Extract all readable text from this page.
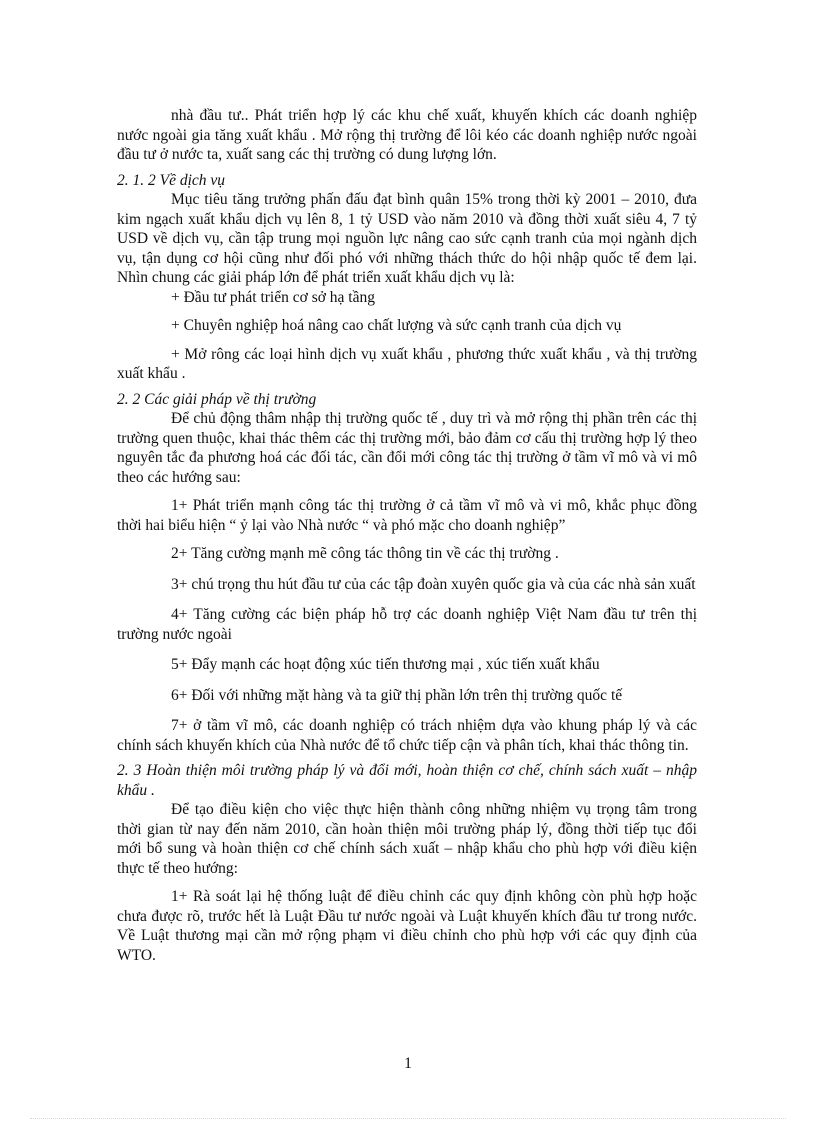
nhà đầu tư.. Phát triển hợp lý các khu chế xuất, khuyến khích các doanh nghiệp nước ngoài gia tăng xuất khẩu . Mở rộng thị trường để lôi kéo các doanh nghiệp nước ngoài đầu tư ở nước ta, xuất sang các thị trường có dung lượng lớn.

2. 1. 2 Về dịch vụ

Mục tiêu tăng trưởng phấn đấu đạt bình quân 15% trong thời kỳ 2001 – 2010, đưa kim ngạch xuất khẩu dịch vụ lên 8, 1 tỷ USD vào năm 2010 và đồng thời xuất siêu 4, 7 tỷ USD về dịch vụ, cần tập trung mọi nguồn lực nâng cao sức cạnh tranh của mọi ngành dịch vụ, tận dụng cơ hội cũng như đối phó với những thách thức do hội nhập quốc tế đem lại. Nhìn chung các giải pháp lớn để phát triển xuất khẩu dịch vụ là:

+ Đầu tư phát triển cơ sở hạ tầng

+ Chuyên nghiệp hoá nâng cao chất lượng và sức cạnh tranh của dịch vụ

+ Mở rông các loại hình dịch vụ xuất khẩu , phương thức xuất khẩu , và thị trường xuất khẩu .

2. 2 Các giải pháp về thị trường

Để chủ động thâm nhập thị trường quốc tế , duy trì và mở rộng thị phần trên các thị trường quen thuộc, khai thác thêm các thị trường mới, bảo đảm cơ cấu thị trường hợp lý theo nguyên tắc đa phương hoá các đối tác, cần đổi mới công tác thị trường ở tầm vĩ mô và vi mô theo các hướng sau:

1+ Phát triển mạnh công tác thị trường ở cả tầm vĩ mô và vi mô, khắc phục đồng thời hai biểu hiện “ ỷ lại vào Nhà nước “ và phó mặc cho doanh nghiệp”

2+ Tăng cường mạnh mẽ công tác thông tin về các thị trường .

3+ chú trọng thu hút đầu tư của các tập đoàn xuyên quốc gia và của các nhà sản xuất

4+ Tăng cường các biện pháp hỗ trợ các doanh nghiệp Việt Nam đầu tư trên thị trường nước ngoài

5+ Đẩy mạnh các hoạt động xúc tiến thương mại , xúc tiến xuất khẩu

6+ Đối với những mặt hàng và ta giữ thị phần lớn trên thị trường quốc tế

7+ ở tầm vĩ mô, các doanh nghiệp có trách nhiệm dựa vào khung pháp lý và các chính sách khuyến khích của Nhà nước để tổ chức tiếp cận và phân tích, khai thác thông tin.

2. 3 Hoàn thiện môi trường pháp lý và đổi mới, hoàn thiện cơ chế, chính sách xuất – nhập khẩu .

Để tạo điều kiện cho việc thực hiện thành công những nhiệm vụ trọng tâm trong thời gian từ nay đến năm 2010, cần hoàn thiện môi trường pháp lý, đồng thời tiếp tục đổi mới bổ sung và hoàn thiện cơ chế chính sách xuất – nhập khẩu cho phù hợp với điều kiện thực tế theo hướng:

1+ Rà soát lại hệ thống luật để điều chỉnh các quy định không còn phù hợp hoặc chưa được rõ, trước hết là Luật Đầu tư nước ngoài và Luật khuyến khích đầu tư trong nước. Về Luật thương mại cần mở rộng phạm vi điều chỉnh cho phù hợp với các quy định của WTO.

1
